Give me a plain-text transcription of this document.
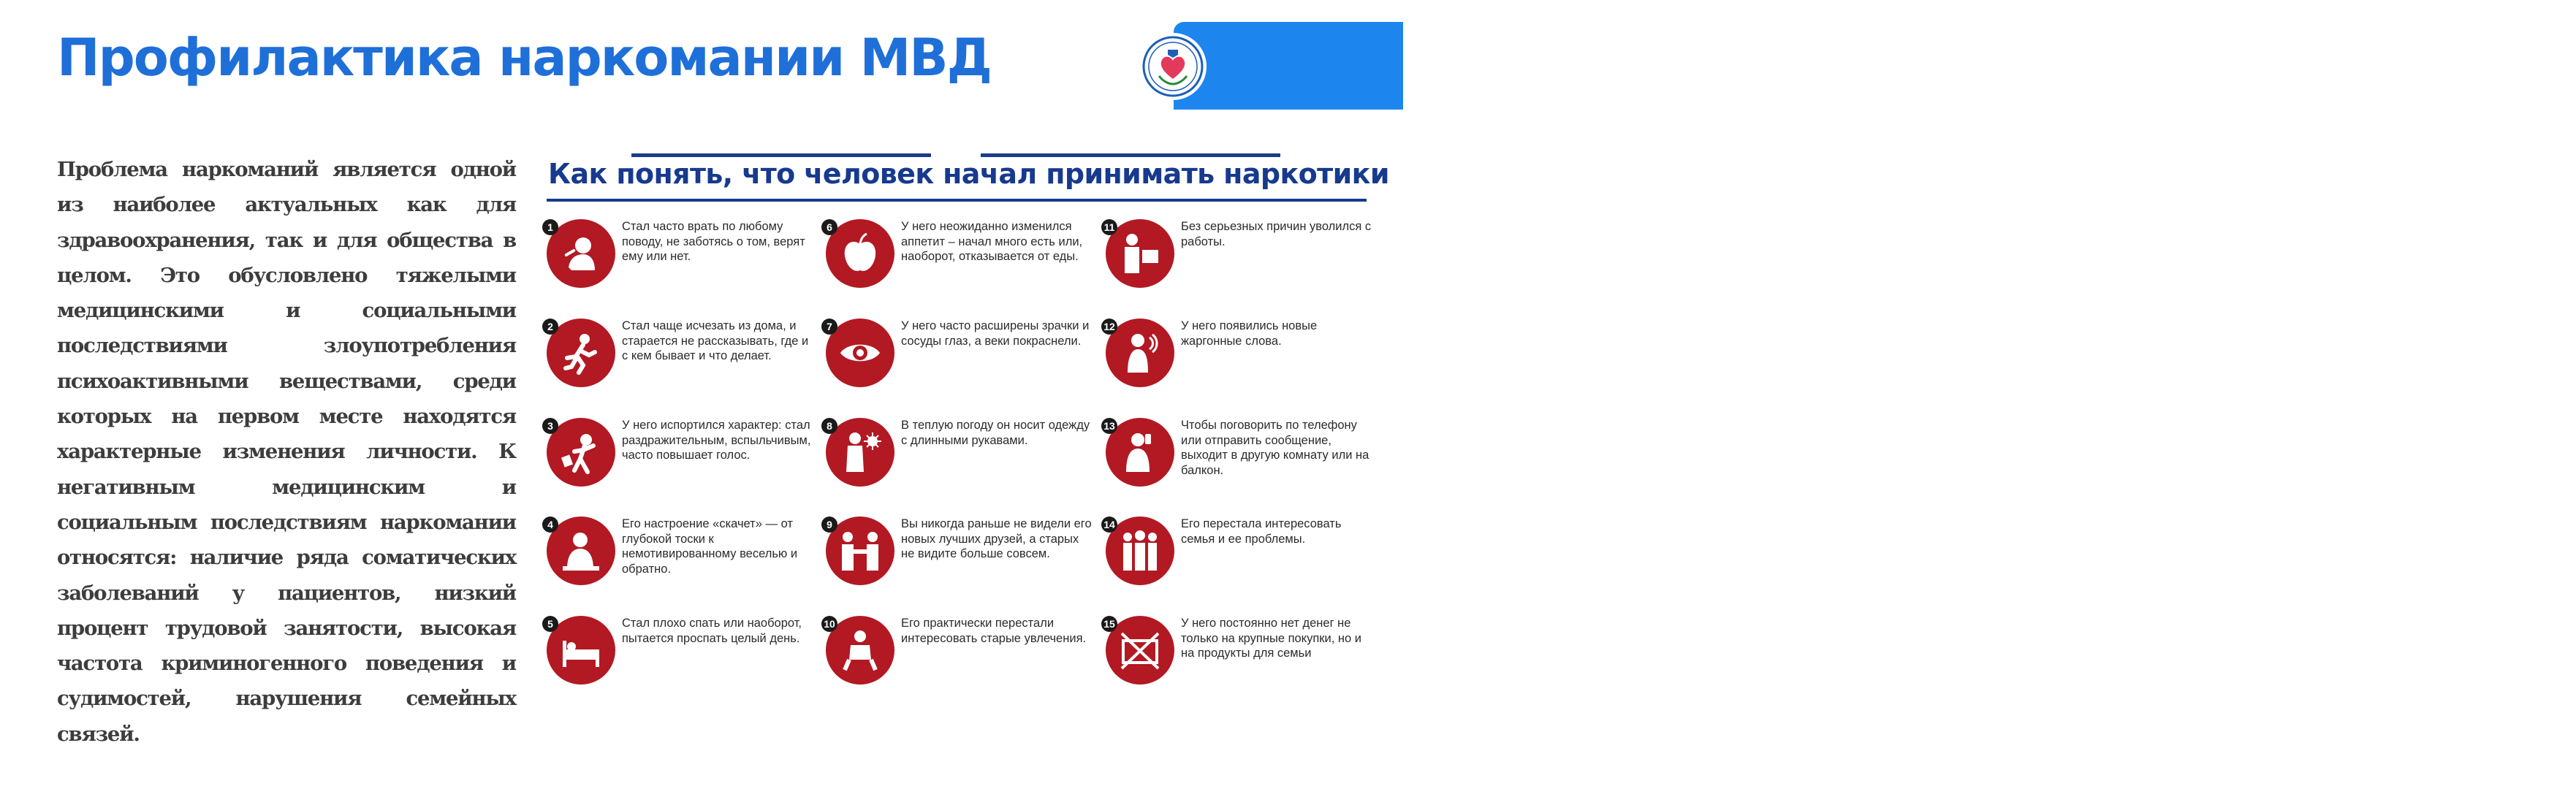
Профилактика наркомании МВД	schuchincrb.by

Проблема наркоманий является одной из наиболее актуальных как для здравоохранения, так и для общества в целом. Это обусловлено тяжелыми медицинскими и социальными последствиями злоупотребления психоактивными веществами, среди которых на первом месте находятся характерные изменения личности. К негативным медицинским и социальным последствиям наркомании относятся: наличие ряда соматических заболеваний у пациентов, низкий процент трудовой занятости, высокая частота криминогенного поведения и судимостей, нарушения семейных связей.

Как понять, что человек начал принимать наркотики
1	Стал часто врать по любому поводу, не заботясь о том, верят ему или нет.

2	Стал чаще исчезать из дома, и старается не рассказывать, где и с кем бывает и что делает.

3	У него испортился характер: стал раздражительным, вспыльчивым, часто повышает голос.

4	Его настроение «скачет» — от глубокой тоски к немотивированному веселью и обратно.

5	Стал плохо спать или наоборот, пытается проспать целый день.

6	У него неожиданно изменился аппетит – начал много есть или, наоборот, отказывается от еды.

7	У него часто расширены зрачки и сосуды глаз, а веки покраснели.

8	В теплую погоду он носит одежду с длинными рукавами.

9	Вы никогда раньше не видели его новых лучших друзей, а старых не видите больше совсем.

10	Его практически перестали интересовать старые увлечения.

11	Без серьезных причин уволился с работы.

12	У него появились новые жаргонные слова.

13	Чтобы поговорить по телефону или отправить сообщение, выходит в другую комнату или на балкон.

14	Его перестала интересовать семья и ее проблемы.

15	У него постоянно нет денег не только на крупные покупки, но и на продукты для семьи
